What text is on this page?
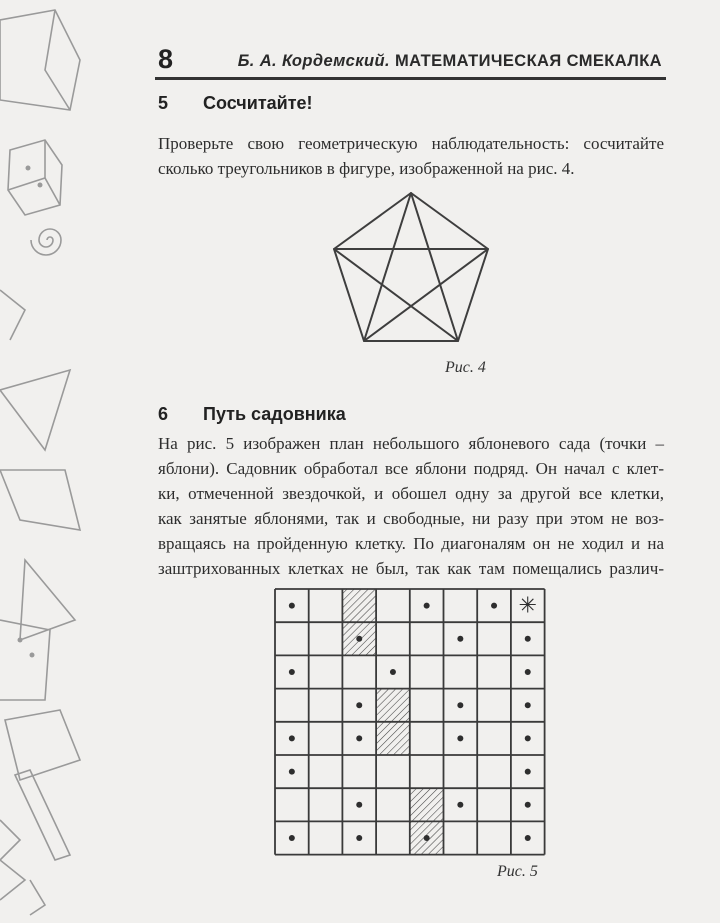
8	Б. А. Кордемский. МАТЕМАТИЧЕСКАЯ СМЕКАЛКА
5 Сосчитайте!
Проверьте свою геометрическую наблюдательность: сосчитайте
сколько треугольников в фигуре, изображенной на рис. 4.
Рис. 4
6 Путь садовника
На рис. 5 изображен план небольшого яблоневого сада (точки –
яблони). Садовник обработал все яблони подряд. Он начал с клет-
ки, отмеченной звездочкой, и обошел одну за другой все клетки,
как занятые яблонями, так и свободные, ни разу при этом не воз-
вращаясь на пройденную клетку. По диагоналям он не ходил и на
заштрихованных клетках не был, так как там помещались различ-
✳
Рис. 5
